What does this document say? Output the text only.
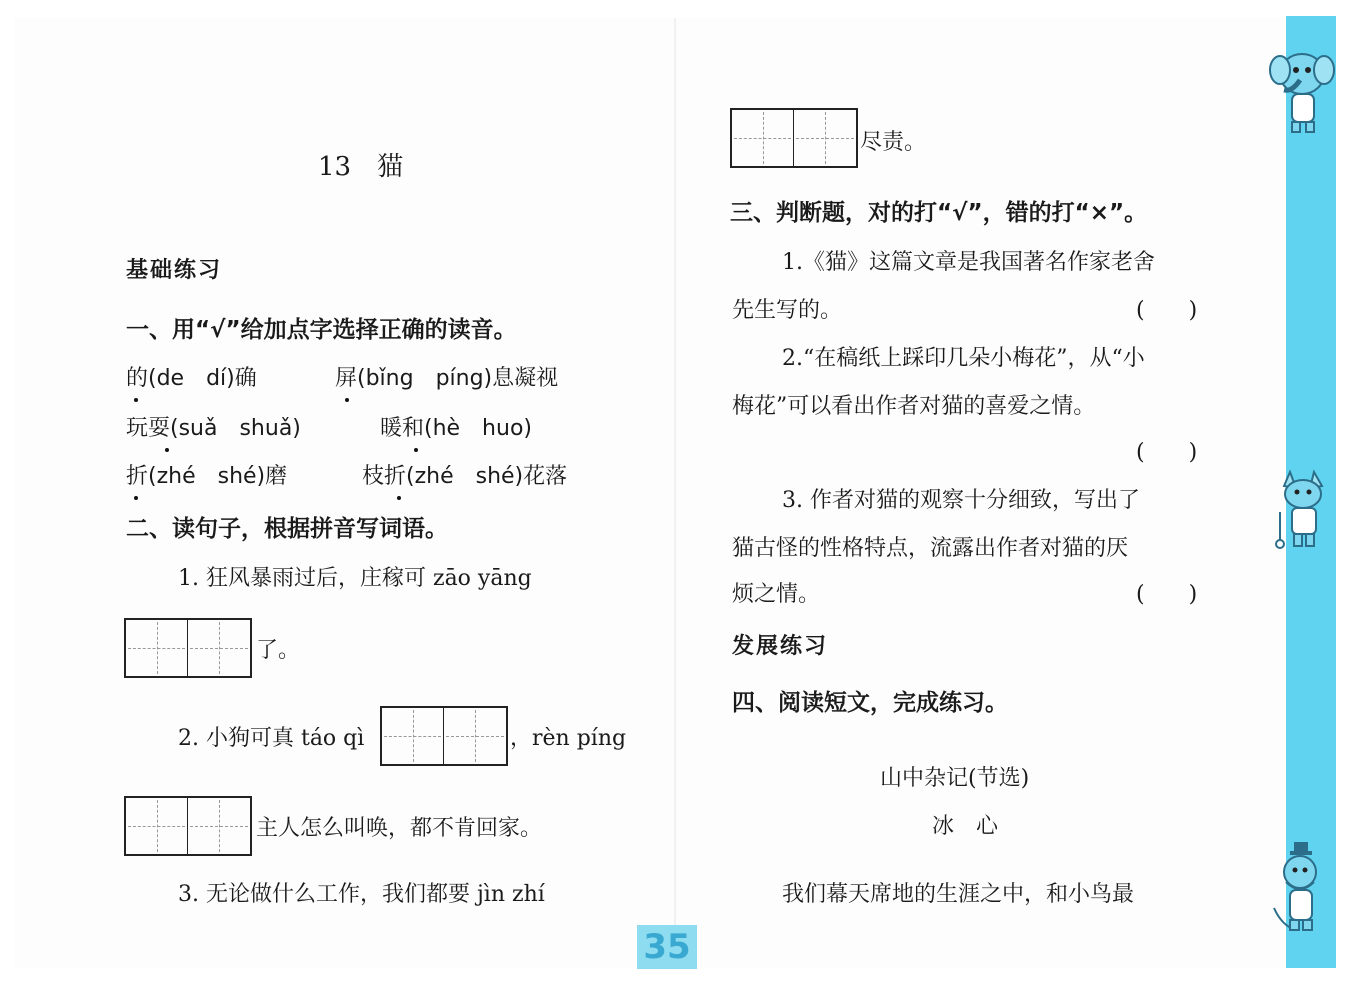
13　猫
基础练习
一、用“√”给加点字选择正确的读音。
的(de　dí)确	屏(bǐng　píng)息凝视
玩耍(suǎ　shuǎ)	暖和(hè　huo)
折(zhé　shé)磨	枝折(zhé　shé)花落
二、读句子，根据拼音写词语。
1. 狂风暴雨过后，庄稼可 zāo yāng
了。
2. 小狗可真 táo qì	，rèn píng
主人怎么叫唤，都不肯回家。
3. 无论做什么工作，我们都要 jìn zhí
尽责。
三、判断题，对的打“√”，错的打“×”。
1.《猫》这篇文章是我国著名作家老舍
先生写的。	(　　)
2.“在稿纸上踩印几朵小梅花”，从“小
梅花”可以看出作者对猫的喜爱之情。
(　　)
3. 作者对猫的观察十分细致，写出了
猫古怪的性格特点，流露出作者对猫的厌
烦之情。	(　　)
发展练习
四、阅读短文，完成练习。
山中杂记(节选)
冰　心
我们幕天席地的生涯之中，和小鸟最
35
